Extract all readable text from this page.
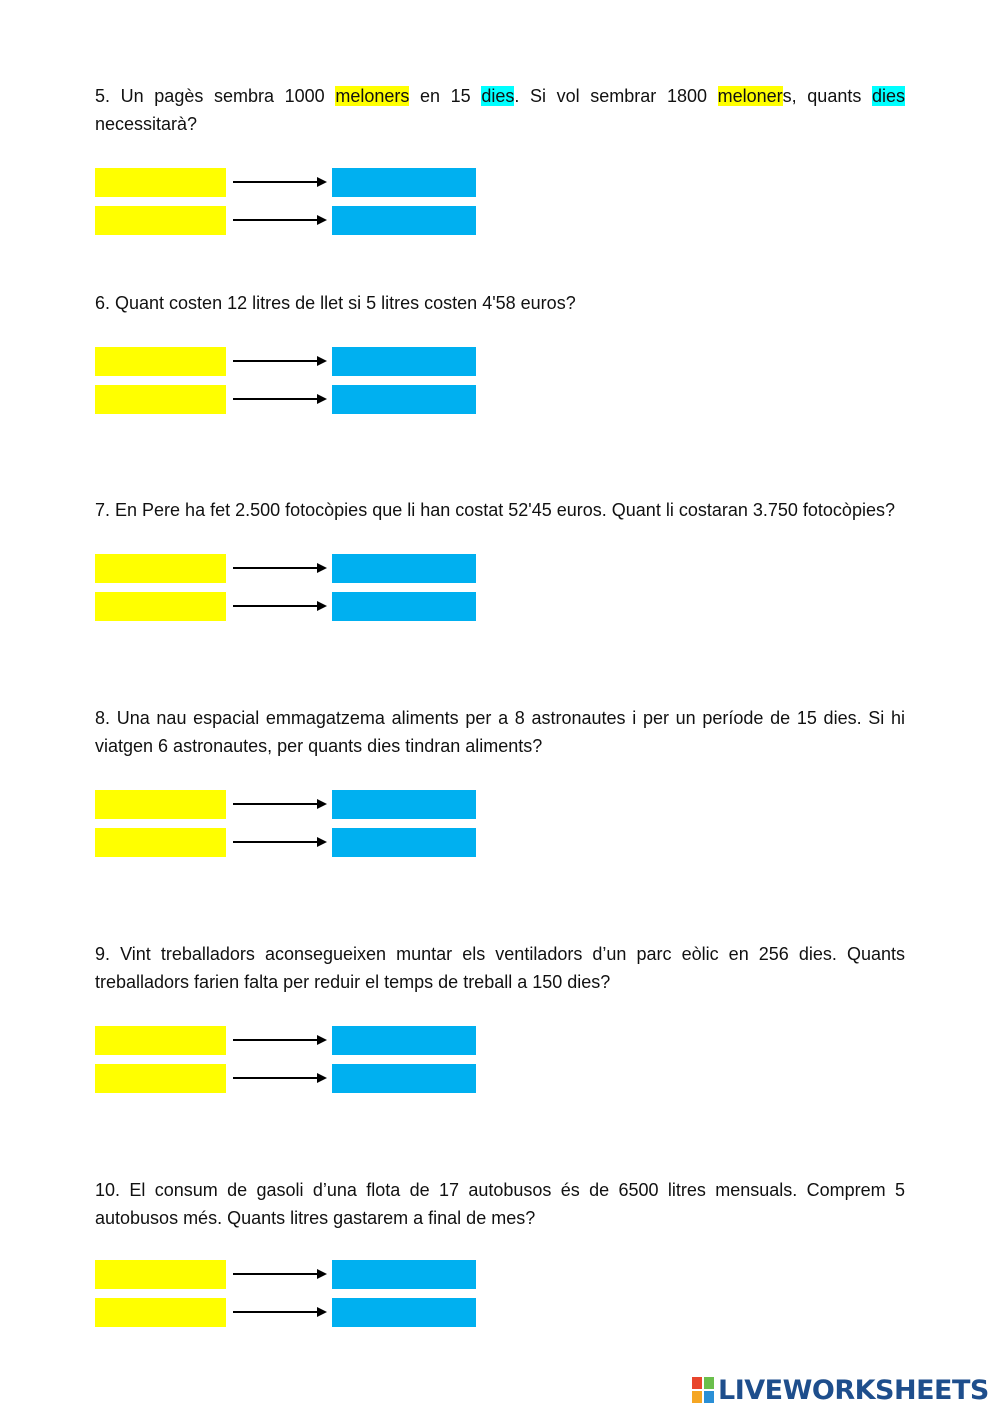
5. Un pagès sembra 1000 meloners en 15 dies. Si vol sembrar 1800 meloners, quants dies necessitarà?

6. Quant costen 12 litres de llet si 5 litres costen 4'58 euros?

7. En Pere ha fet 2.500 fotocòpies que li han costat 52'45 euros. Quant li costaran 3.750 fotocòpies?

8. Una nau espacial emmagatzema aliments per a 8 astronautes i per un període de 15 dies. Si hi viatgen 6 astronautes, per quants dies tindran aliments?

9. Vint treballadors aconsegueixen muntar els ventiladors d’un parc eòlic en 256 dies. Quants treballadors farien falta per reduir el temps de treball a 150 dies?

10. El consum de gasoli d’una flota de 17 autobusos és de 6500 litres mensuals. Comprem 5 autobusos més. Quants litres gastarem a final de mes?

LIVEWORKSHEETS
